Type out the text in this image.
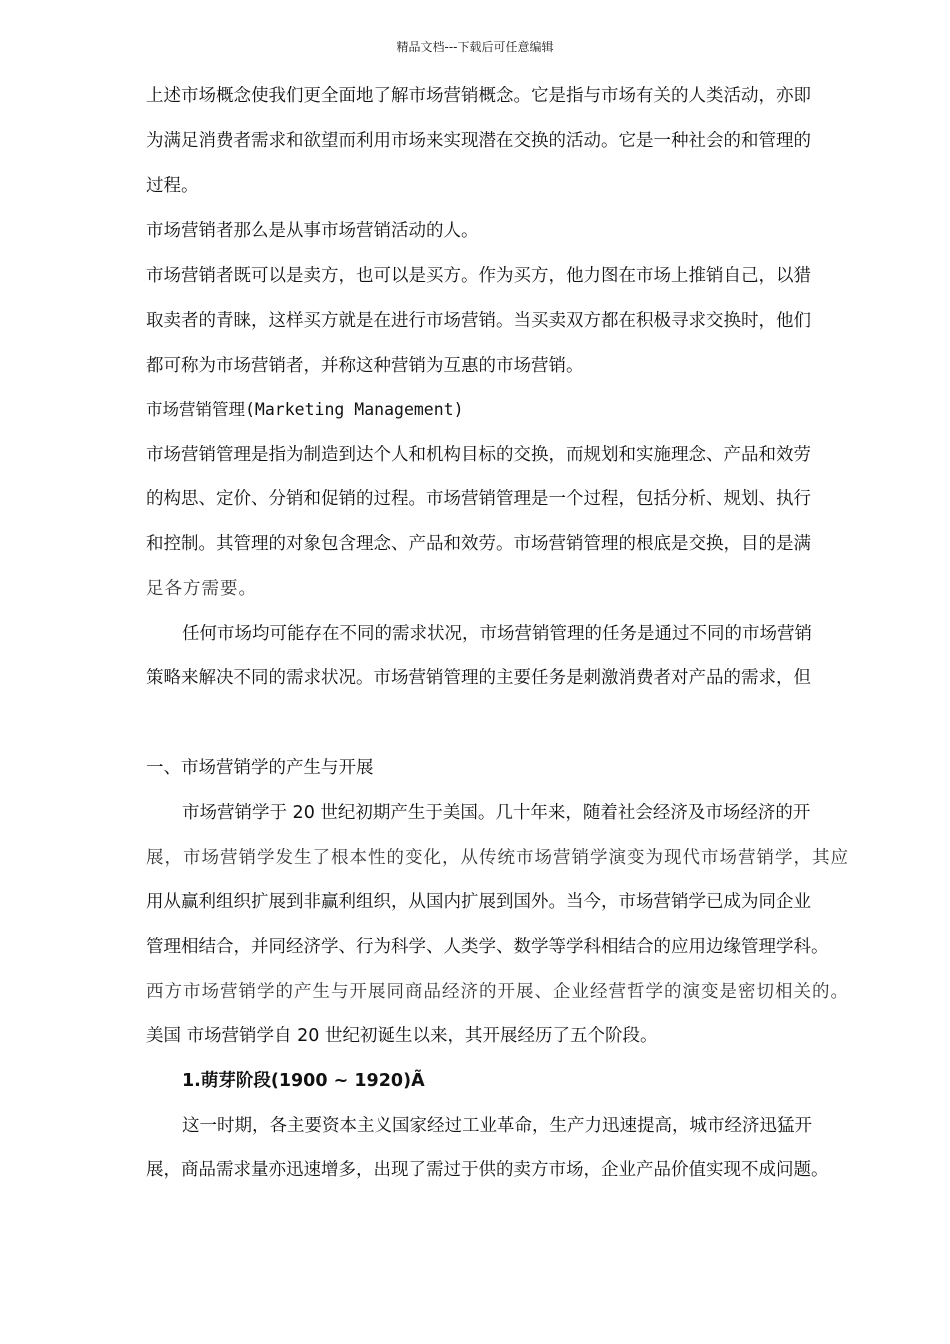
精品文档---下载后可任意编辑
上述市场概念使我们更全面地了解市场营销概念。它是指与市场有关的人类活动，亦即
为满足消费者需求和欲望而利用市场来实现潜在交换的活动。它是一种社会的和管理的
过程。
市场营销者那么是从事市场营销活动的人。
市场营销者既可以是卖方，也可以是买方。作为买方，他力图在市场上推销自己，以猎
取卖者的青睐，这样买方就是在进行市场营销。当买卖双方都在积极寻求交换时，他们
都可称为市场营销者，并称这种营销为互惠的市场营销。
市场营销管理(Marketing Management)
市场营销管理是指为制造到达个人和机构目标的交换，而规划和实施理念、产品和效劳
的构思、定价、分销和促销的过程。市场营销管理是一个过程，包括分析、规划、执行
和控制。其管理的对象包含理念、产品和效劳。市场营销管理的根底是交换，目的是满
足各方需要。
任何市场均可能存在不同的需求状况，市场营销管理的任务是通过不同的市场营销
策略来解决不同的需求状况。市场营销管理的主要任务是刺激消费者对产品的需求，但
一、市场营销学的产生与开展
市场营销学于 20 世纪初期产生于美国。几十年来，随着社会经济及市场经济的开
展，市场营销学发生了根本性的变化，从传统市场营销学演变为现代市场营销学，其应
用从赢利组织扩展到非赢利组织，从国内扩展到国外。当今，市场营销学已成为同企业
管理相结合，并同经济学、行为科学、人类学、数学等学科相结合的应用边缘管理学科。
西方市场营销学的产生与开展同商品经济的开展、企业经营哲学的演变是密切相关的。
美国 市场营销学自 20 世纪初诞生以来，其开展经历了五个阶段。
1.萌芽阶段(1900 ~ 1920)Ã
这一时期，各主要资本主义国家经过工业革命，生产力迅速提高，城市经济迅猛开
展，商品需求量亦迅速增多，出现了需过于供的卖方市场，企业产品价值实现不成问题。
